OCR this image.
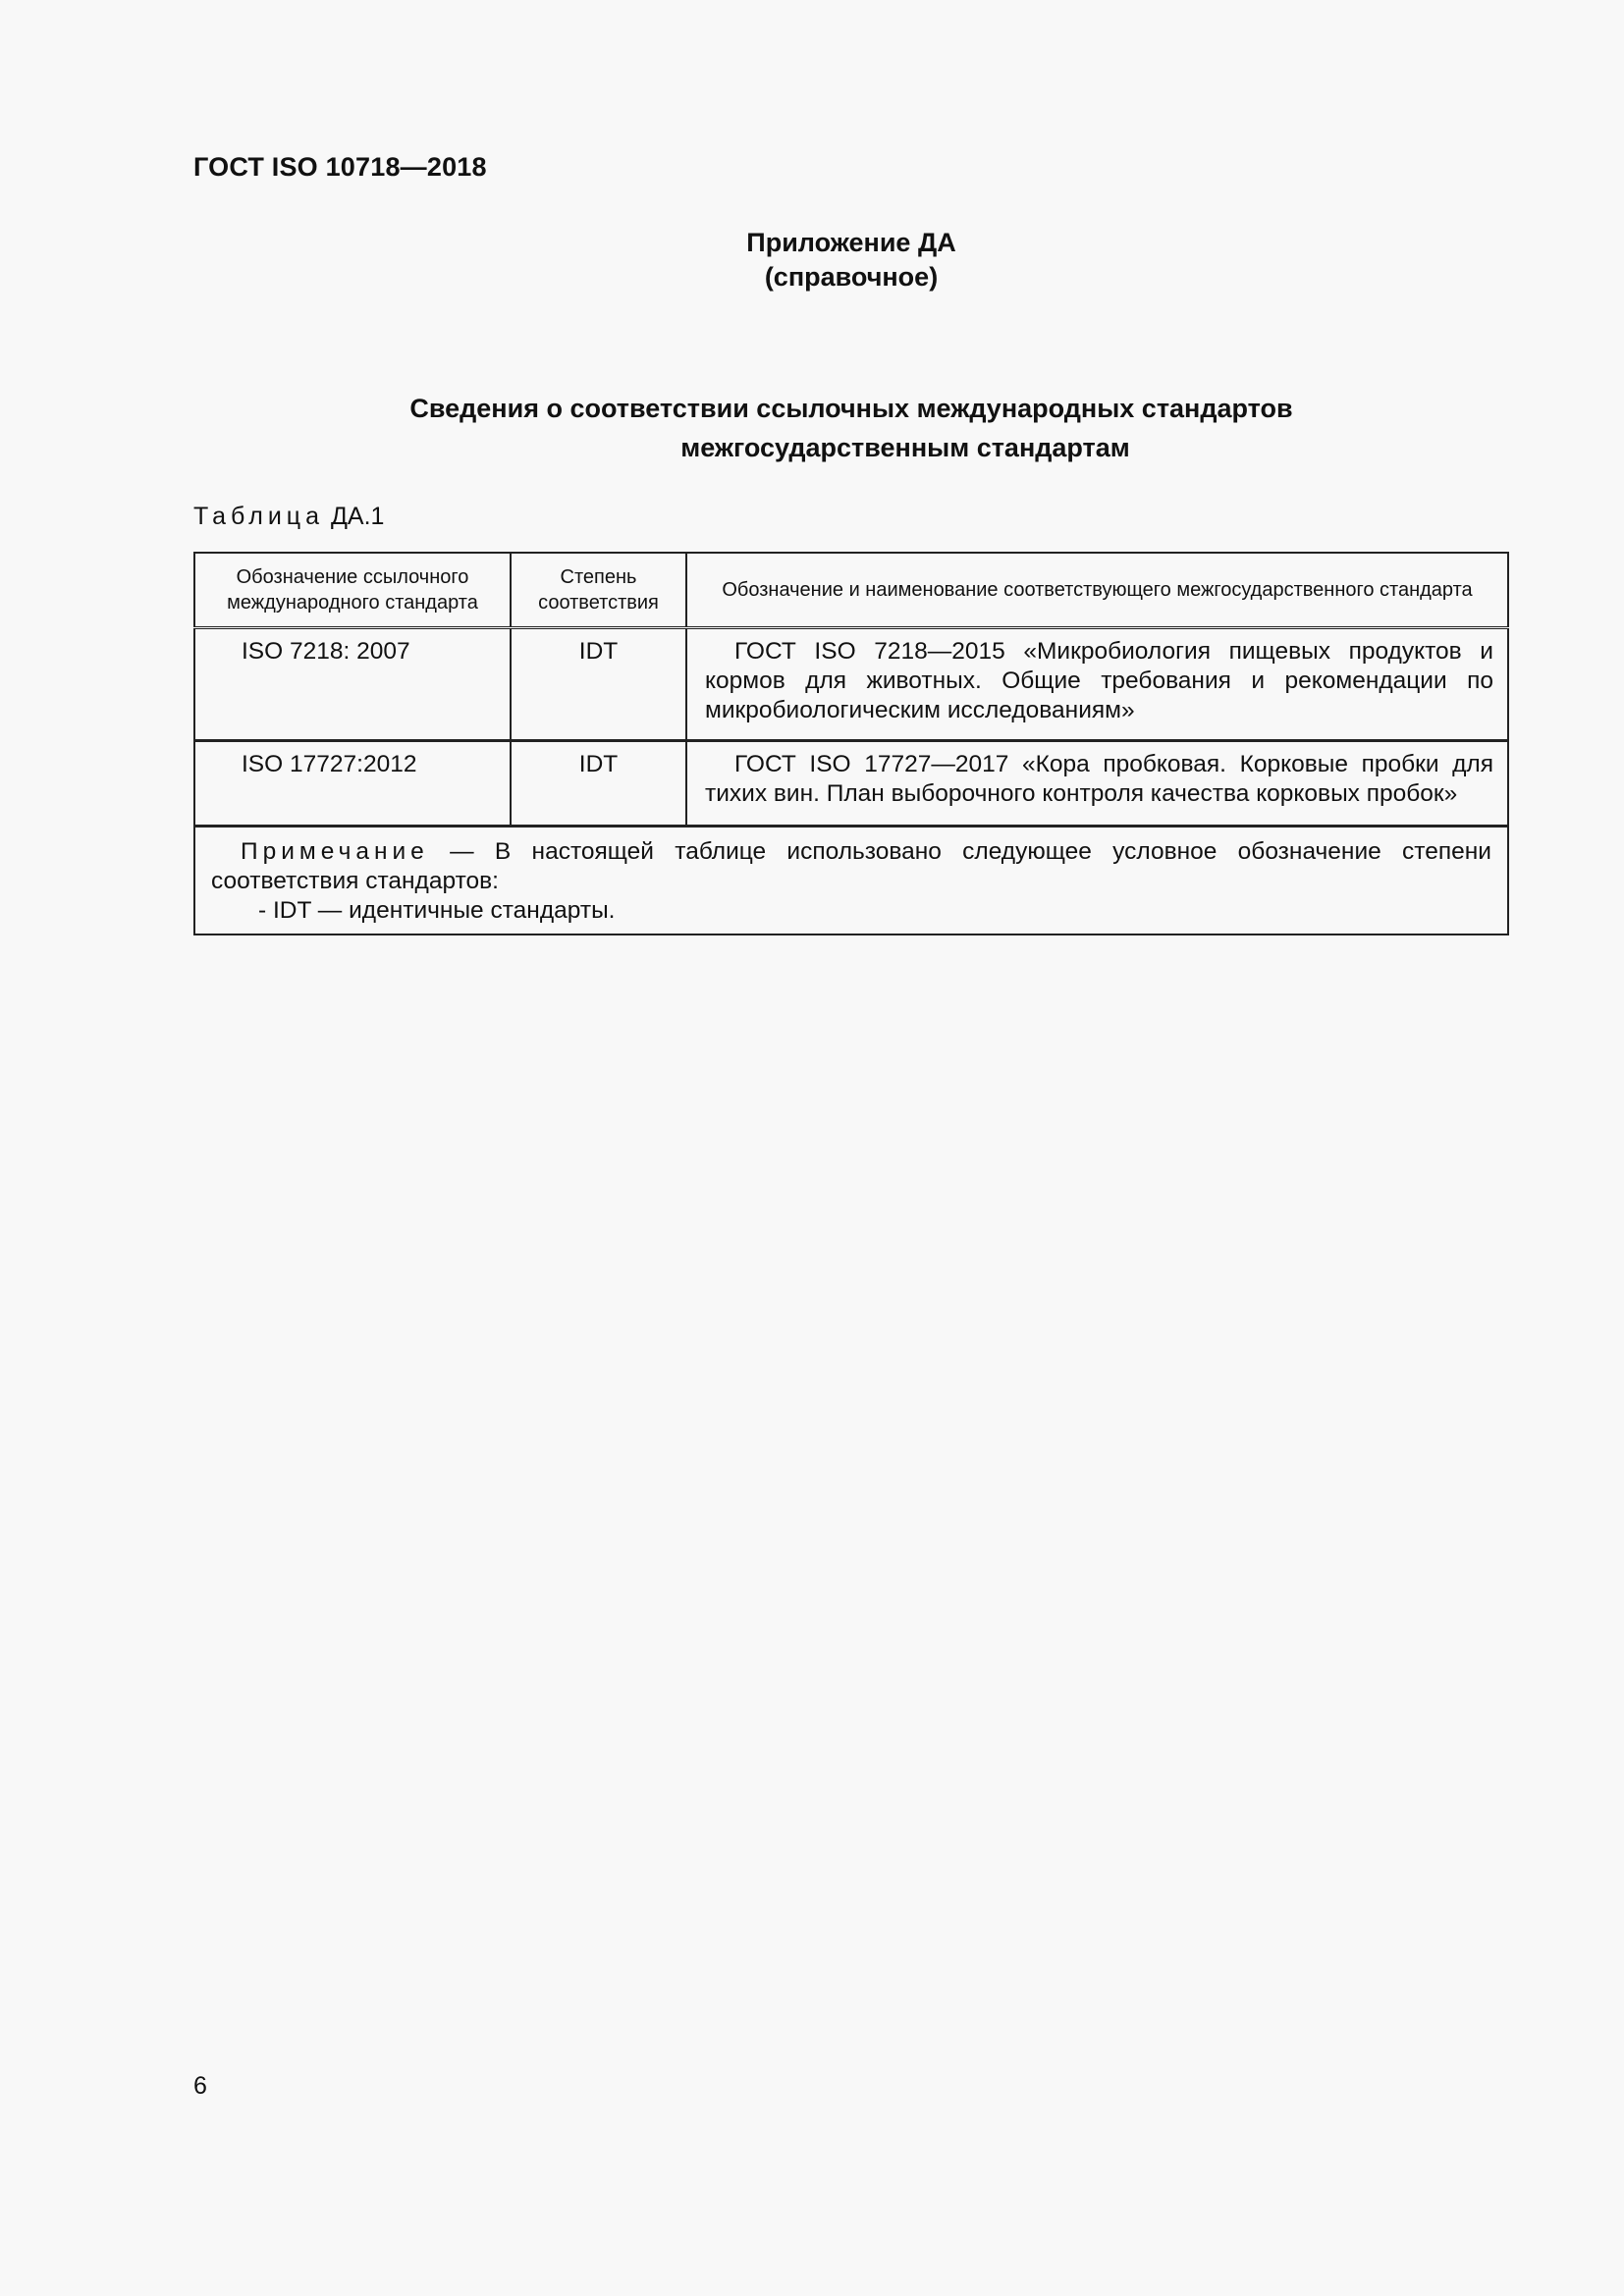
ГОСТ ISO 10718—2018
Приложение ДА
(справочное)
Сведения о соответствии ссылочных международных стандартов
межгосударственным стандартам
Таблица ДА.1
Обозначение ссылочного международного стандарта	Степень соответствия	Обозначение и наименование соответствующего межгосударственного стандарта
ISO 7218: 2007	IDT	ГОСТ ISO 7218—2015 «Микробиология пищевых продуктов и кормов для животных. Общие требования и рекомендации по микробиологическим исследованиям»
ISO 17727:2012	IDT	ГОСТ ISO 17727—2017 «Кора пробковая. Корковые пробки для тихих вин. План выборочного контроля качества корковых пробок»

Примечание — В настоящей таблице использовано следующее условное обозначение степени соответствия стандартов:
- IDT — идентичные стандарты.		
6
